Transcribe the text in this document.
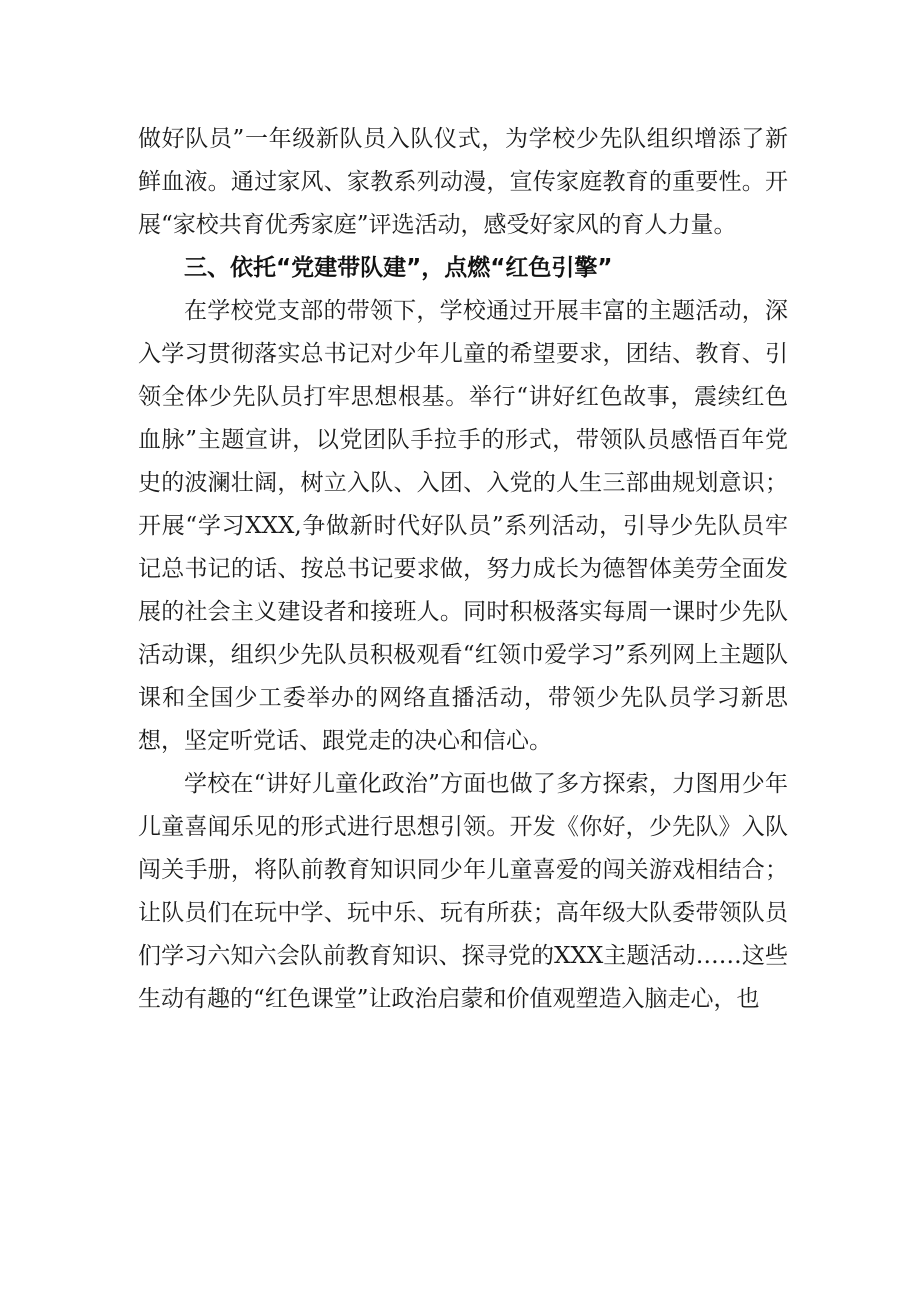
做好队员”一年级新队员入队仪式，为学校少先队组织增添了新鲜血液。通过家风、家教系列动漫，宣传家庭教育的重要性。开展“家校共育优秀家庭”评选活动，感受好家风的育人力量。

三、依托“党建带队建”，点燃“红色引擎”

在学校党支部的带领下，学校通过开展丰富的主题活动，深入学习贯彻落实总书记对少年儿童的希望要求，团结、教育、引领全体少先队员打牢思想根基。举行“讲好红色故事，震续红色血脉”主题宣讲，以党团队手拉手的形式，带领队员感悟百年党史的波澜壮阔，树立入队、入团、入党的人生三部曲规划意识；开展“学习XXX,争做新时代好队员”系列活动，引导少先队员牢记总书记的话、按总书记要求做，努力成长为德智体美劳全面发展的社会主义建设者和接班人。同时积极落实每周一课时少先队活动课，组织少先队员积极观看“红领巾爱学习”系列网上主题队课和全国少工委举办的网络直播活动，带领少先队员学习新思想，坚定听党话、跟党走的决心和信心。

学校在“讲好儿童化政治”方面也做了多方探索，力图用少年儿童喜闻乐见的形式进行思想引领。开发《你好，少先队》入队闯关手册，将队前教育知识同少年儿童喜爱的闯关游戏相结合；让队员们在玩中学、玩中乐、玩有所获；高年级大队委带领队员们学习六知六会队前教育知识、探寻党的XXX主题活动……这些生动有趣的“红色课堂”让政治启蒙和价值观塑造入脑走心，也
